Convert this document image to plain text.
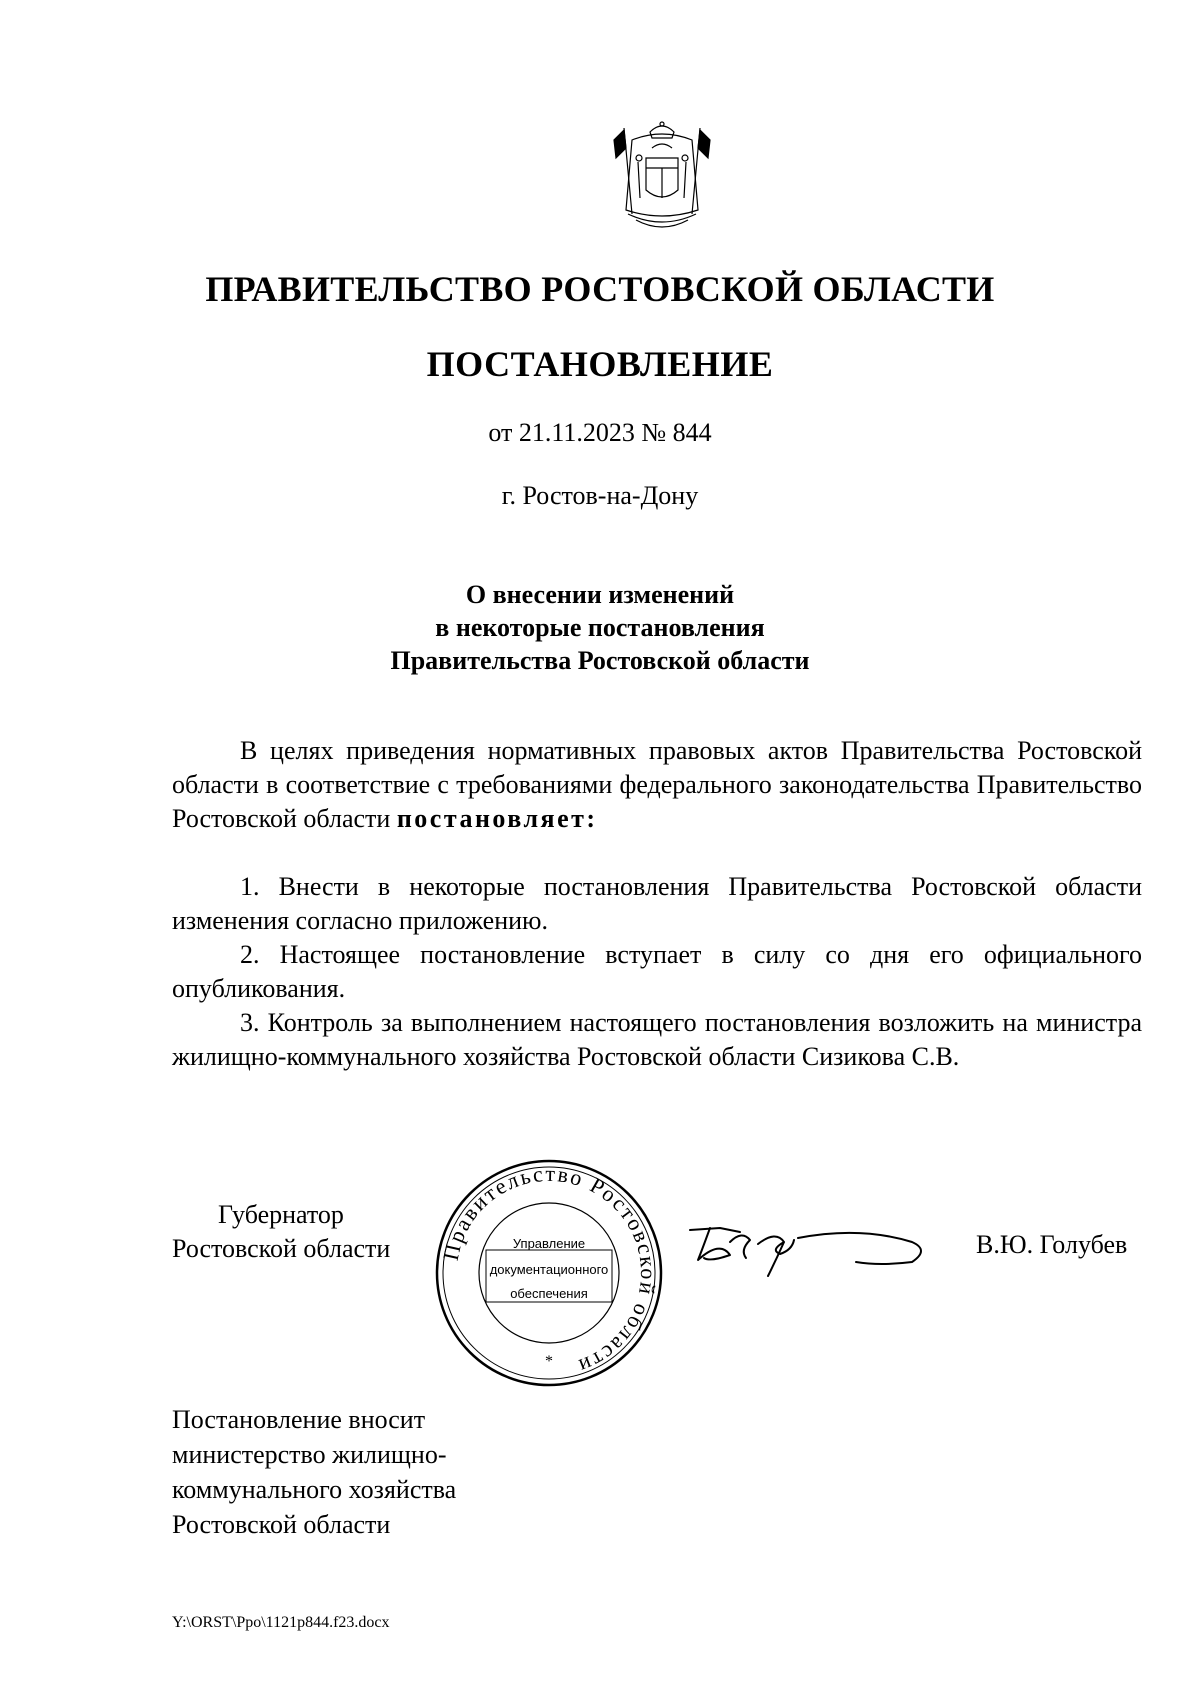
ПРАВИТЕЛЬСТВО РОСТОВСКОЙ ОБЛАСТИ
ПОСТАНОВЛЕНИЕ
от 21.11.2023 № 844
г. Ростов-на-Дону
О внесении изменений
в некоторые постановления
Правительства Ростовской области
В целях приведения нормативных правовых актов Правительства Ростовской области в соответствие с требованиями федерального законодательства Правительство Ростовской области постановляет:

1. Внести в некоторые постановления Правительства Ростовской области изменения согласно приложению.

2. Настоящее постановление вступает в силу со дня его официального опубликования.

3. Контроль за выполнением настоящего постановления возложить на министра жилищно-коммунального хозяйства Ростовской области Сизикова С.В.

Губернатор
Ростовской области Правительство Ростовской области
Управление
документационного
обеспечения
*
В.Ю. Голубев
Постановление вносит
министерство жилищно-
коммунального хозяйства
Ростовской области
Y:\ORST\Ppo\1121p844.f23.docx
